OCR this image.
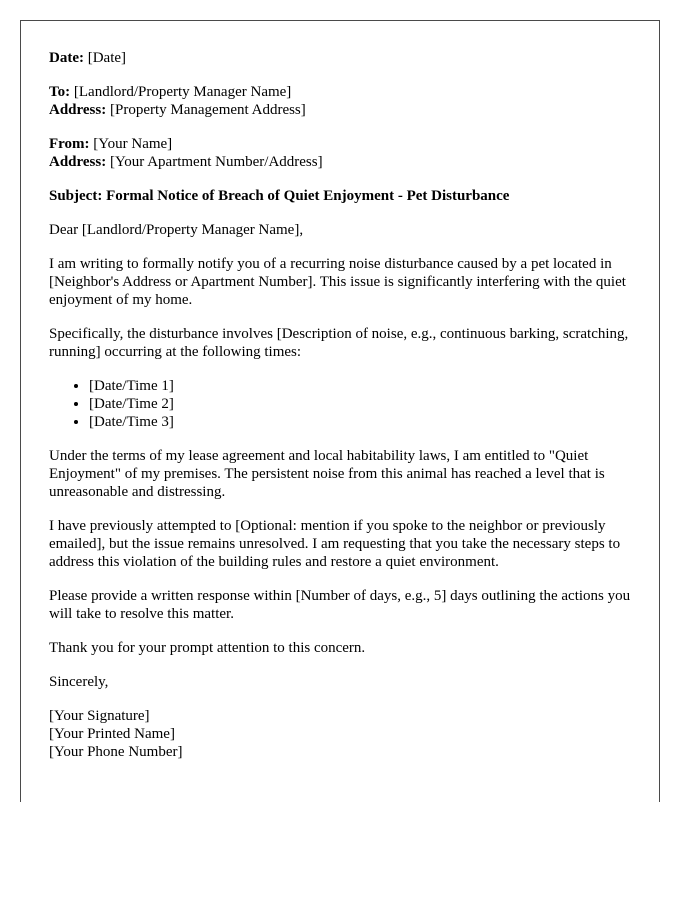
Date: [Date]
To: [Landlord/Property Manager Name]
Address: [Property Management Address]
From: [Your Name]
Address: [Your Apartment Number/Address]
Subject: Formal Notice of Breach of Quiet Enjoyment - Pet Disturbance
Dear [Landlord/Property Manager Name],
I am writing to formally notify you of a recurring noise disturbance caused by a pet located in [Neighbor's Address or Apartment Number]. This issue is significantly interfering with the quiet enjoyment of my home.
Specifically, the disturbance involves [Description of noise, e.g., continuous barking, scratching, running] occurring at the following times:
• [Date/Time 1]
• [Date/Time 2]
• [Date/Time 3]
Under the terms of my lease agreement and local habitability laws, I am entitled to "Quiet Enjoyment" of my premises. The persistent noise from this animal has reached a level that is unreasonable and distressing.
I have previously attempted to [Optional: mention if you spoke to the neighbor or previously emailed], but the issue remains unresolved. I am requesting that you take the necessary steps to address this violation of the building rules and restore a quiet environment.
Please provide a written response within [Number of days, e.g., 5] days outlining the actions you will take to resolve this matter.
Thank you for your prompt attention to this concern.
Sincerely,
[Your Signature]
[Your Printed Name]
[Your Phone Number]
